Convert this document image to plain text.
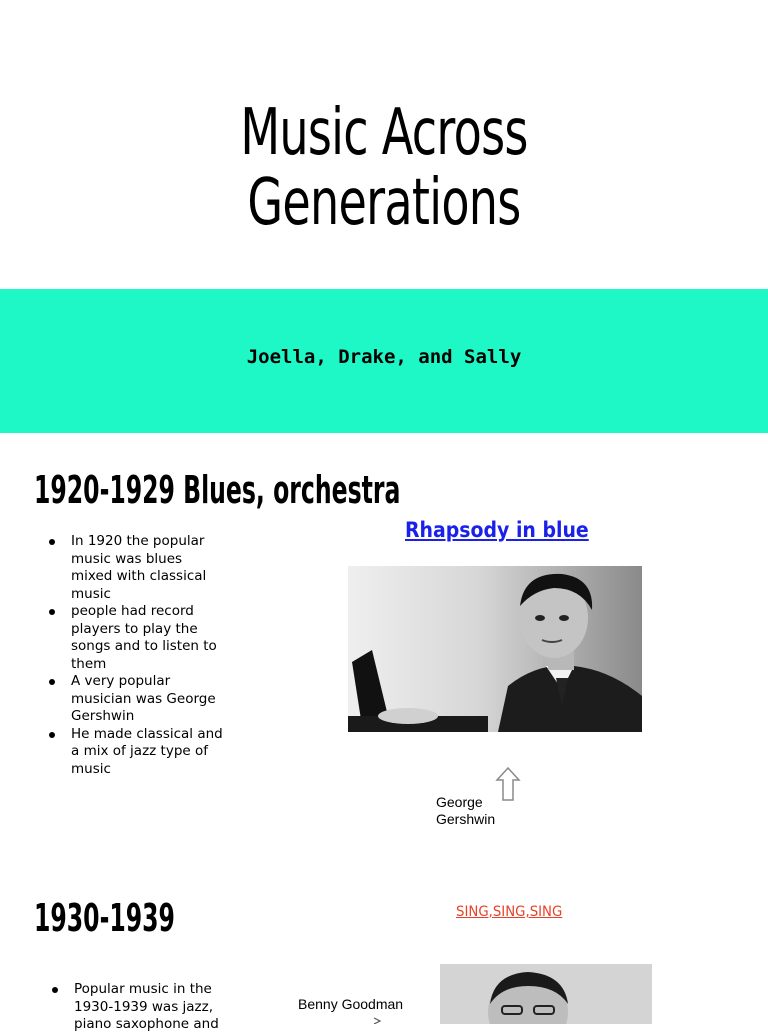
Music Across Generations
Joella, Drake, and Sally
1920-1929 Blues, orchestra
In 1920 the popular music was blues mixed with classical music
people had record players to play the songs and to listen to them
A very popular musician was George Gershwin
He made classical and a mix of jazz type of music
Rhapsody in blue
George Gershwin
1930-1939	SING,SING,SING
Popular music in the 1930-1939 was jazz, piano saxophone and
Benny Goodman
